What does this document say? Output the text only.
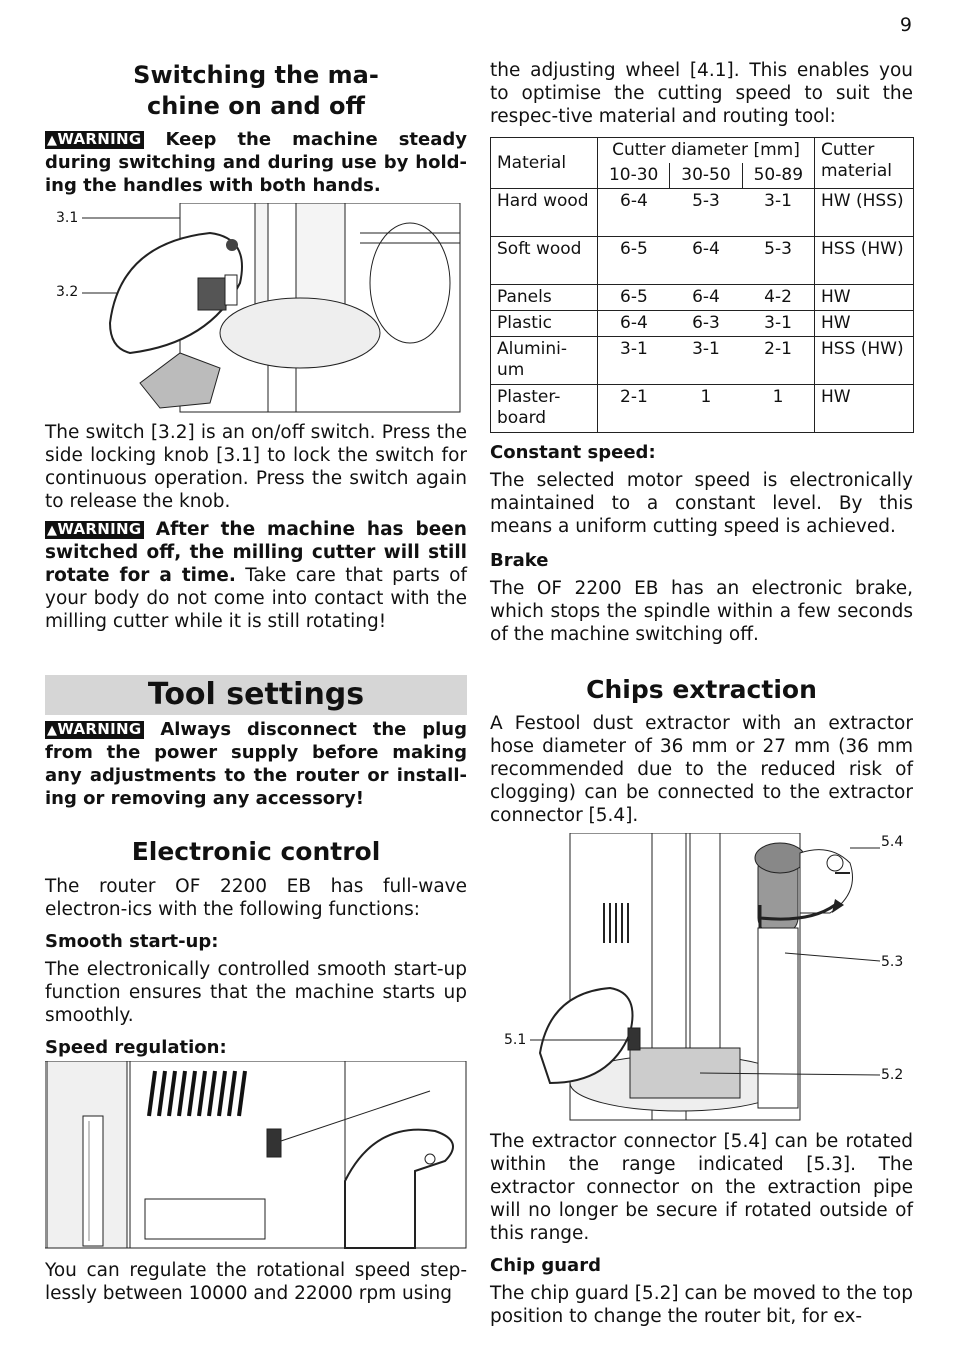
9

Switching the ma-
chine on and off

▲WARNING Keep the machine steady during switching and during use by hold-ing the handles with both hands.

3.1
3.2

The switch [3.2] is an on/off switch. Press the side locking knob [3.1] to lock the switch for continuous operation. Press the switch again to release the knob.

▲WARNING After the machine has been switched off, the milling cutter will still rotate for a time. Take care that parts of your body do not come into contact with the milling cutter while it is still rotating!

Tool settings

▲WARNING Always disconnect the plug from the power supply before making any adjustments to the router or install-ing or removing any accessory!

Electronic control

The router OF 2200 EB has full-wave electron-ics with the following functions:

Smooth start-up:

The electronically controlled smooth start-up function ensures that the machine starts up smoothly.

Speed regulation:

You can regulate the rotational speed step-lessly between 10000 and 22000 rpm using

the adjusting wheel [4.1]. This enables you to optimise the cutting speed to suit the respec-tive material and routing tool:

Material	Cutter diameter [mm]			Cutter material
	10-30	30-50	50-89	
Hard wood	6-4	5-3	3-1	HW (HSS)
Soft wood	6-5	6-4	5-3	HSS (HW)
Panels	6-5	6-4	4-2	HW
Plastic	6-4	6-3	3-1	HW
Alumini-um	3-1	3-1	2-1	HSS (HW)
Plaster-board	2-1	1	1	HW

Constant speed:

The selected motor speed is electronically maintained to a constant level. By this means a uniform cutting speed is achieved.

Brake

The OF 2200 EB has an electronic brake, which stops the spindle within a few seconds of the machine switching off.

Chips extraction

A Festool dust extractor with an extractor hose diameter of 36 mm or 27 mm (36 mm recommended due to the reduced risk of clogging) can be connected to the extractor connector [5.4].

5.4
5.3
5.1
5.2

The extractor connector [5.4] can be rotated within the range indicated [5.3]. The extractor connector on the extraction pipe will no longer be secure if rotated outside of this range.

Chip guard

The chip guard [5.2] can be moved to the top position to change the router bit, for ex-
